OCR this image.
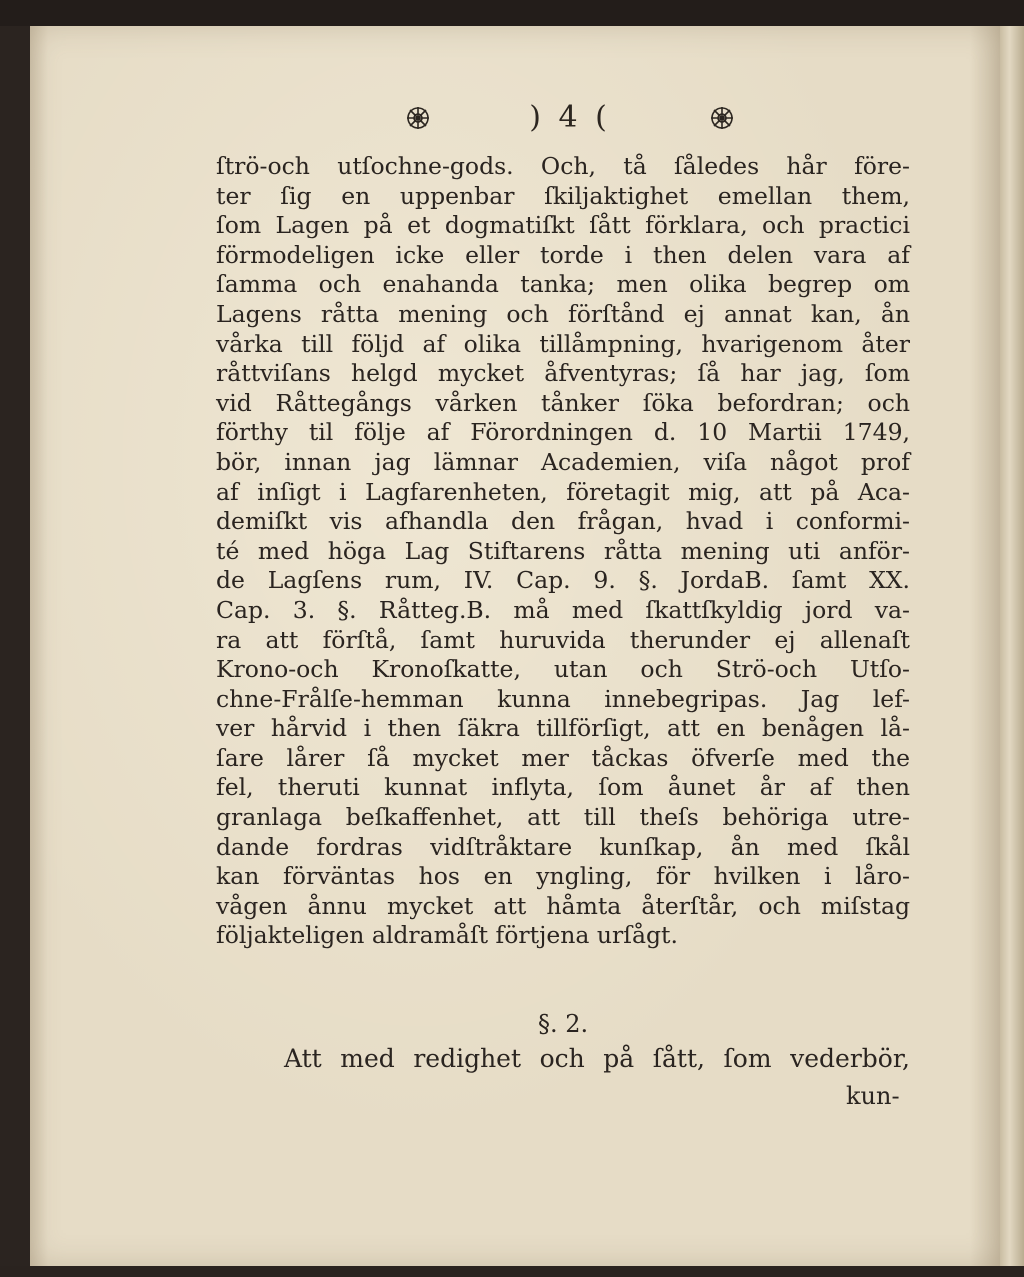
) 4 (
ſtrö-och utſochne-gods. Och, tå ſåledes hår före-
ter ſig en uppenbar ſkiljaktighet emellan them,
ſom Lagen på et dogmatiſkt ſått förklara, och practici
förmodeligen icke eller torde i then delen vara af
ſamma och enahanda tanka; men olika begrep om
Lagens råtta mening och förſtånd ej annat kan, ån
vårka till följd af olika tillåmpning, hvarigenom åter
råttviſans helgd mycket åfventyras; ſå har jag, ſom
vid Råttegångs vårken tånker ſöka befordran; och
förthy til följe af Förordningen d. 10 Martii 1749,
bör, innan jag lämnar Academien, viſa något prof
af inſigt i Lagfarenheten, företagit mig, att på Aca-
demiſkt vis afhandla den frågan, hvad i conformi-
té med höga Lag Stiftarens råtta mening uti anför-
de Lagſens rum, IV. Cap. 9. §. JordaB. ſamt XX.
Cap. 3. §. Råtteg.B. må med ſkattſkyldig jord va-
ra att förſtå, ſamt huruvida therunder ej allenaſt
Krono-och Kronoſkatte, utan och Strö-och Utſo-
chne-Frålſe-hemman kunna innebegripas. Jag lef-
ver hårvid i then ſäkra tillförſigt, att en benågen lå-
ſare lårer ſå mycket mer tåckas öfverſe med the
fel, theruti kunnat inflyta, ſom åunet år af then
granlaga beſkaffenhet, att till theſs behöriga utre-
dande fordras vidſtråktare kunſkap, ån med ſkål
kan förväntas hos en yngling, för hvilken i låro-
vågen ånnu mycket att håmta återſtår, och miſstag
följakteligen aldramåſt förtjena urſågt.
§. 2.
Att med redighet och på ſått, ſom vederbör,
kun-
